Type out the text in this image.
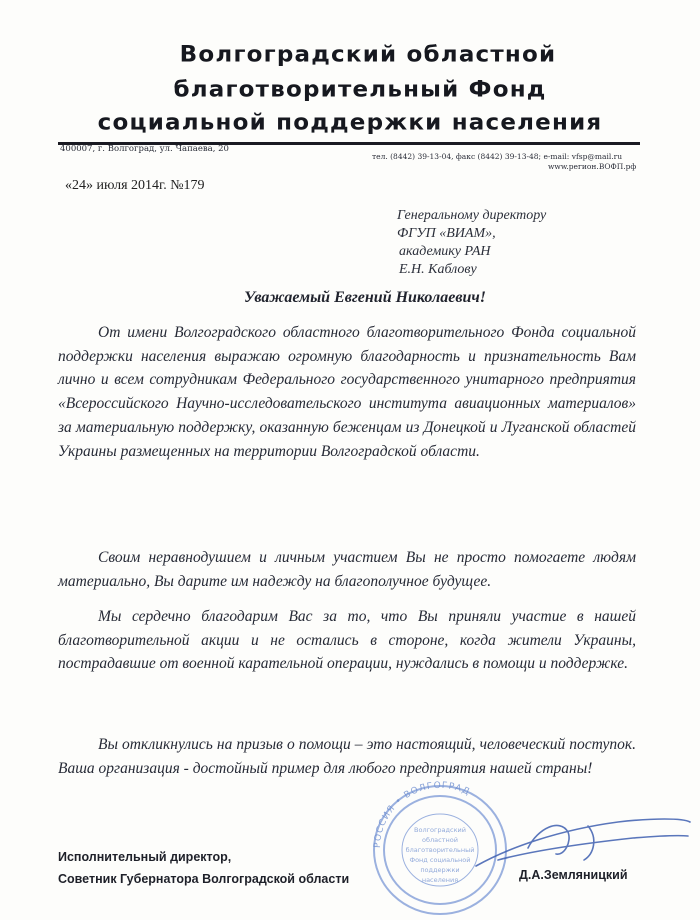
Волгоградский областной
благотворительный Фонд
социальной поддержки населения
400007, г. Волгоград, ул. Чапаева, 20
тел. (8442) 39-13-04, факс (8442) 39-13-48; e-mail: vfsp@mail.ru
www.регион.ВОФП.рф
«24» июля 2014г. №179
Генеральному директору
ФГУП «ВИАМ»,
академику РАН
Е.Н. Каблову
Уважаемый Евгений Николаевич!

От имени Волгоградского областного благотворительного Фонда социальной поддержки населения выражаю огромную благодарность и признательность Вам лично и всем сотрудникам Федерального государственного унитарного предприятия «Всероссийского Научно-исследовательского института авиационных материалов» за материальную поддержку, оказанную беженцам из Донецкой и Луганской областей Украины размещенных на территории Волгоградской области.

Своим неравнодушием и личным участием Вы не просто помогаете людям материально, Вы дарите им надежду на благополучное будущее.

Мы сердечно благодарим Вас за то, что Вы приняли участие в нашей благотворительной акции и не остались в стороне, когда жители Украины, пострадавшие от военной карательной операции, нуждались в помощи и поддержке.

Вы откликнулись на призыв о помощи – это настоящий, человеческий поступок. Ваша организация - достойный пример для любого предприятия нашей страны!

РОССИЯ • ВОЛГОГРАД
Волгоградский
областной
благотворительный
Фонд социальной
поддержки
населения
Исполнительный директор,
Советник Губернатора Волгоградской области	Д.А.Земляницкий
